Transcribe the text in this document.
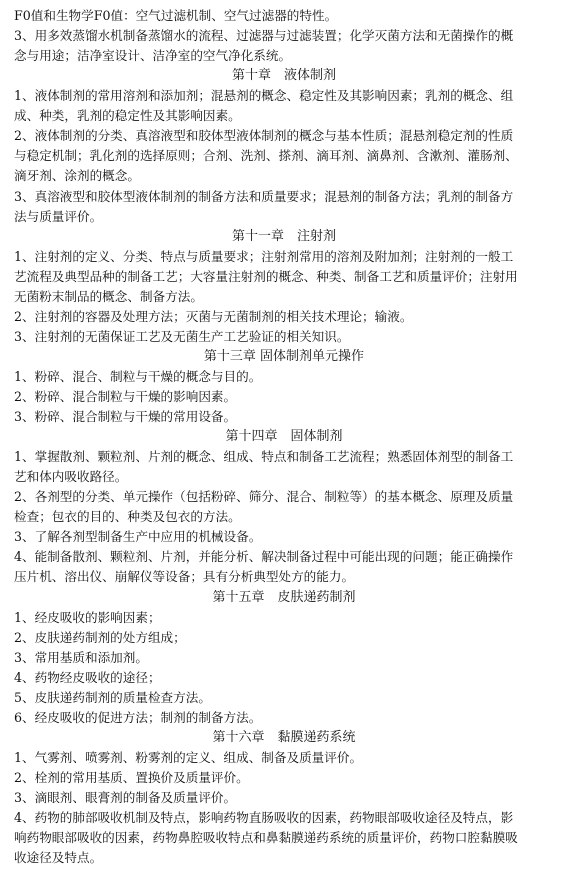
F0值和生物学F0值：空气过滤机制、空气过滤器的特性。
3、用多效蒸馏水机制备蒸馏水的流程、过滤器与过滤装置；化学灭菌方法和无菌操作的概
念与用途；洁净室设计、洁净室的空气净化系统。
第十章　液体制剂
1、液体制剂的常用溶剂和添加剂；混悬剂的概念、稳定性及其影响因素；乳剂的概念、组
成、种类，乳剂的稳定性及其影响因素。
2、液体制剂的分类、真溶液型和胶体型液体制剂的概念与基本性质；混悬剂稳定剂的性质
与稳定机制；乳化剂的选择原则；合剂、洗剂、搽剂、滴耳剂、滴鼻剂、含漱剂、灌肠剂、
滴牙剂、涂剂的概念。
3、真溶液型和胶体型液体制剂的制备方法和质量要求；混悬剂的制备方法；乳剂的制备方
法与质量评价。
第十一章　注射剂
1、注射剂的定义、分类、特点与质量要求；注射剂常用的溶剂及附加剂；注射剂的一般工
艺流程及典型品种的制备工艺；大容量注射剂的概念、种类、制备工艺和质量评价；注射用
无菌粉末制品的概念、制备方法。
2、注射剂的容器及处理方法；灭菌与无菌制剂的相关技术理论；输液。
3、注射剂的无菌保证工艺及无菌生产工艺验证的相关知识。
第十三章 固体制剂单元操作
1、粉碎、混合、制粒与干燥的概念与目的。
2、粉碎、混合制粒与干燥的影响因素。
3、粉碎、混合制粒与干燥的常用设备。
第十四章　固体制剂
1、掌握散剂、颗粒剂、片剂的概念、组成、特点和制备工艺流程；熟悉固体剂型的制备工
艺和体内吸收路径。
2、各剂型的分类、单元操作（包括粉碎、筛分、混合、制粒等）的基本概念、原理及质量
检查；包衣的目的、种类及包衣的方法。
3、了解各剂型制备生产中应用的机械设备。
4、能制备散剂、颗粒剂、片剂，并能分析、解决制备过程中可能出现的问题；能正确操作
压片机、溶出仪、崩解仪等设备；具有分析典型处方的能力。
第十五章　皮肤递药制剂
1、经皮吸收的影响因素；
2、皮肤递药制剂的处方组成；
3、常用基质和添加剂。
4、药物经皮吸收的途径；
5、皮肤递药制剂的质量检查方法。
6、经皮吸收的促进方法；制剂的制备方法。
第十六章　黏膜递药系统
1、气雾剂、喷雾剂、粉雾剂的定义、组成、制备及质量评价。
2、栓剂的常用基质、置换价及质量评价。
3、滴眼剂、眼膏剂的制备及质量评价。
4、药物的肺部吸收机制及特点，影响药物直肠吸收的因素，药物眼部吸收途径及特点，影
响药物眼部吸收的因素，药物鼻腔吸收特点和鼻黏膜递药系统的质量评价，药物口腔黏膜吸
收途径及特点。
